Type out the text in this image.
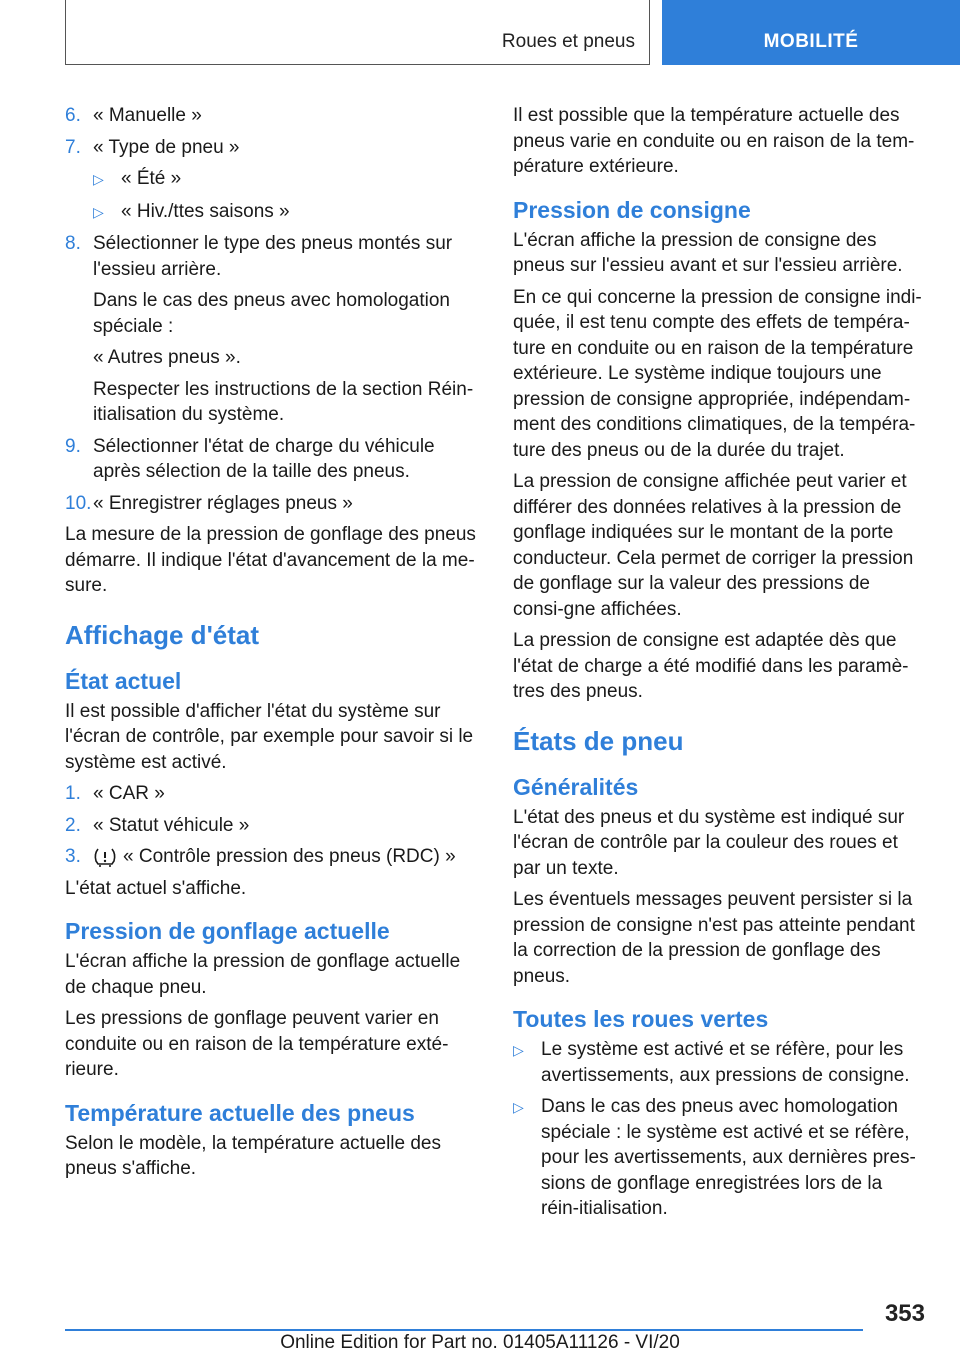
Roues et pneus	MOBILITÉ
6. « Manuelle »
7. « Type de pneu »
▷ « Été »
▷ « Hiv./ttes saisons »
8. Sélectionner le type des pneus montés sur l'essieu arrière.

Dans le cas des pneus avec homologation spéciale :

« Autres pneus ».

Respecter les instructions de la section Réin‐itialisation du système.

9. Sélectionner l'état de charge du véhicule après sélection de la taille des pneus.
10. « Enregistrer réglages pneus »

La mesure de la pression de gonflage des pneus démarre. Il indique l'état d'avancement de la me‐sure.

Affichage d'état
État actuel

Il est possible d'afficher l'état du système sur l'écran de contrôle, par exemple pour savoir si le système est activé.

1. « CAR »
2. « Statut véhicule »
3.	« Contrôle pression des pneus (RDC) »

L'état actuel s'affiche.

Pression de gonflage actuelle

L'écran affiche la pression de gonflage actuelle de chaque pneu.

Les pressions de gonflage peuvent varier en conduite ou en raison de la température exté‐rieure.

Température actuelle des pneus

Selon le modèle, la température actuelle des pneus s'affiche.

Il est possible que la température actuelle des pneus varie en conduite ou en raison de la tem‐pérature extérieure.

Pression de consigne

L'écran affiche la pression de consigne des pneus sur l'essieu avant et sur l'essieu arrière.

En ce qui concerne la pression de consigne indi‐quée, il est tenu compte des effets de tempéra‐ture en conduite ou en raison de la température extérieure. Le système indique toujours une pression de consigne appropriée, indépendam‐ment des conditions climatiques, de la tempéra‐ture des pneus ou de la durée du trajet.

La pression de consigne affichée peut varier et différer des données relatives à la pression de gonflage indiquées sur le montant de la porte conducteur. Cela permet de corriger la pression de gonflage sur la valeur des pressions de consi‐gne affichées.

La pression de consigne est adaptée dès que l'état de charge a été modifié dans les paramè‐tres des pneus.

États de pneu
Généralités

L'état des pneus et du système est indiqué sur l'écran de contrôle par la couleur des roues et par un texte.

Les éventuels messages peuvent persister si la pression de consigne n'est pas atteinte pendant la correction de la pression de gonflage des pneus.

Toutes les roues vertes
▷ Le système est activé et se réfère, pour les avertissements, aux pressions de consigne.
▷ Dans le cas des pneus avec homologation spéciale : le système est activé et se réfère, pour les avertissements, aux dernières pres‐sions de gonflage enregistrées lors de la réin‐itialisation.
353
Online Edition for Part no. 01405A11126 - VI/20
